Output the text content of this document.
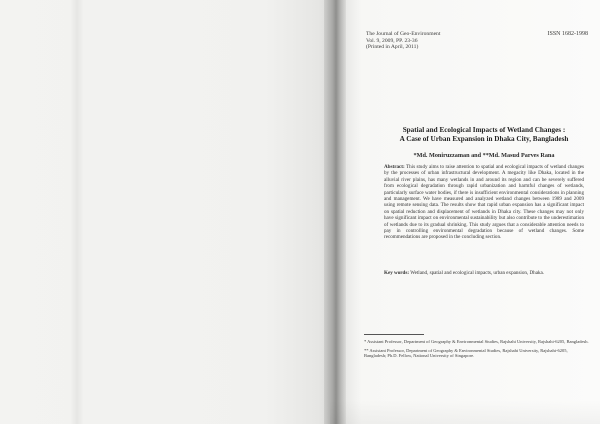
The Journal of Geo-Environment
Vol. 9, 2009, PP. 23-36
(Printed in April, 2011)
ISSN 1682-1998
Spatial and Ecological Impacts of Wetland Changes :
A Case of Urban Expansion in Dhaka City, Bangladesh
*Md. Moniruzzaman and **Md. Masud Parves Rana
Abstract: This study aims to raise attention to spatial and ecological impacts of wetland changes by the processes of urban infrastructural development. A megacity like Dhaka, located in the alluvial river plains, has many wetlands in and around its region and can be severely suffered from ecological degradation through rapid urbanization and harmful changes of wetlands, particularly surface water bodies, if there is insufficient environmental considerations in planning and management. We have measured and analyzed wetland changes between 1989 and 2009 using remote sensing data. The results show that rapid urban expansion has a significant impact on spatial reduction and displacement of wetlands in Dhaka city. These changes may not only have significant impact on environmental sustainability but also contribute to the underestimation of wetlands due to its gradual shrinking. This study argues that a considerable attention needs to pay in controlling environmental degradation because of wetland changes. Some recommendations are proposed in the concluding section.
Key words: Wetland, spatial and ecological impacts, urban expansion, Dhaka.

* Assistant Professor, Department of Geography & Environmental Studies, Rajshahi University, Rajshahi-6205, Bangladesh.

** Assistant Professor, Department of Geography & Environmental Studies, Rajshahi University, Rajshahi-6205, Bangladesh; Ph.D. Fellow, National University of Singapore.
